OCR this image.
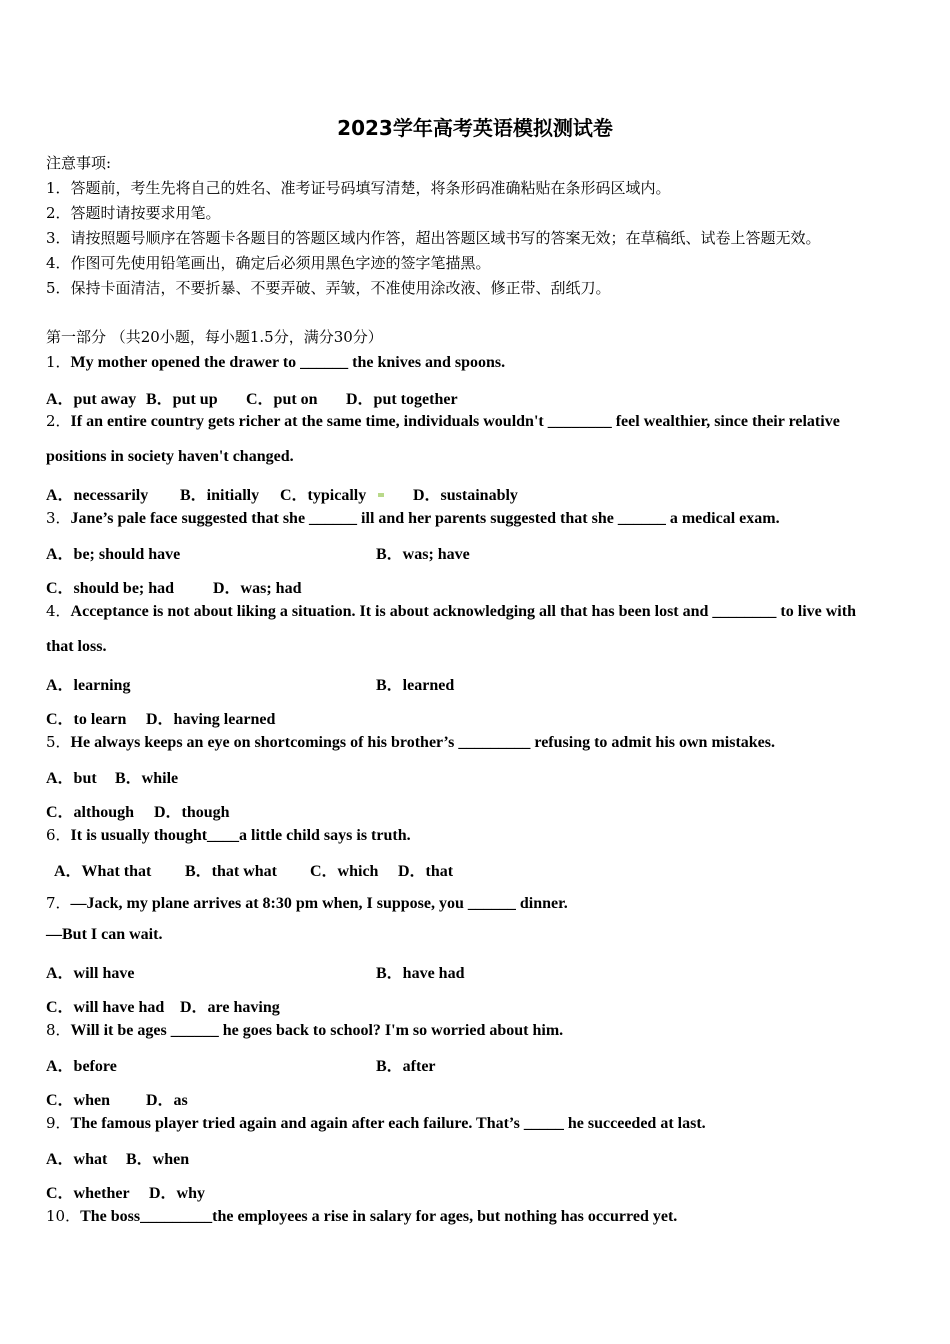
2023学年高考英语模拟测试卷
注意事项:
1．答题前，考生先将自己的姓名、准考证号码填写清楚，将条形码准确粘贴在条形码区域内。
2．答题时请按要求用笔。
3．请按照题号顺序在答题卡各题目的答题区域内作答，超出答题区域书写的答案无效；在草稿纸、试卷上答题无效。
4．作图可先使用铅笔画出，确定后必须用黑色字迹的签字笔描黑。
5．保持卡面清洁，不要折暴、不要弄破、弄皱，不准使用涂改液、修正带、刮纸刀。
第一部分 （共20小题，每小题1.5分，满分30分）
1．My mother opened the drawer to ______ the knives and spoons.
A．put away B．put up C．put on D．put together
2．If an entire country gets richer at the same time, individuals wouldn't ________ feel wealthier, since their relative
positions in society haven't changed.
A．necessarily B．initially C．typically	D．sustainably
3．Jane’s pale face suggested that she ______ ill and her parents suggested that she ______ a medical exam.
A．be; should have	B．was; have
C．should be; had D．was; had
4．Acceptance is not about liking a situation. It is about acknowledging all that has been lost and ________ to live with
that loss.
A．learning	B．learned
C．to learn D．having learned
5．He always keeps an eye on shortcomings of his brother’s _________ refusing to admit his own mistakes.
A．but B．while
C．although D．though
6．It is usually thought____a little child says is truth.
A．What that B．that what C．which D．that
7．—Jack, my plane arrives at 8:30 pm when, I suppose, you ______ dinner.
—But I can wait.
A．will have	B．have had
C．will have had D．are having
8．Will it be ages ______ he goes back to school? I'm so worried about him.
A．before	B．after
C．when D．as
9．The famous player tried again and again after each failure. That’s _____ he succeeded at last.
A．what B．when
C．whether D．why
10．The boss_________the employees a rise in salary for ages, but nothing has occurred yet.
